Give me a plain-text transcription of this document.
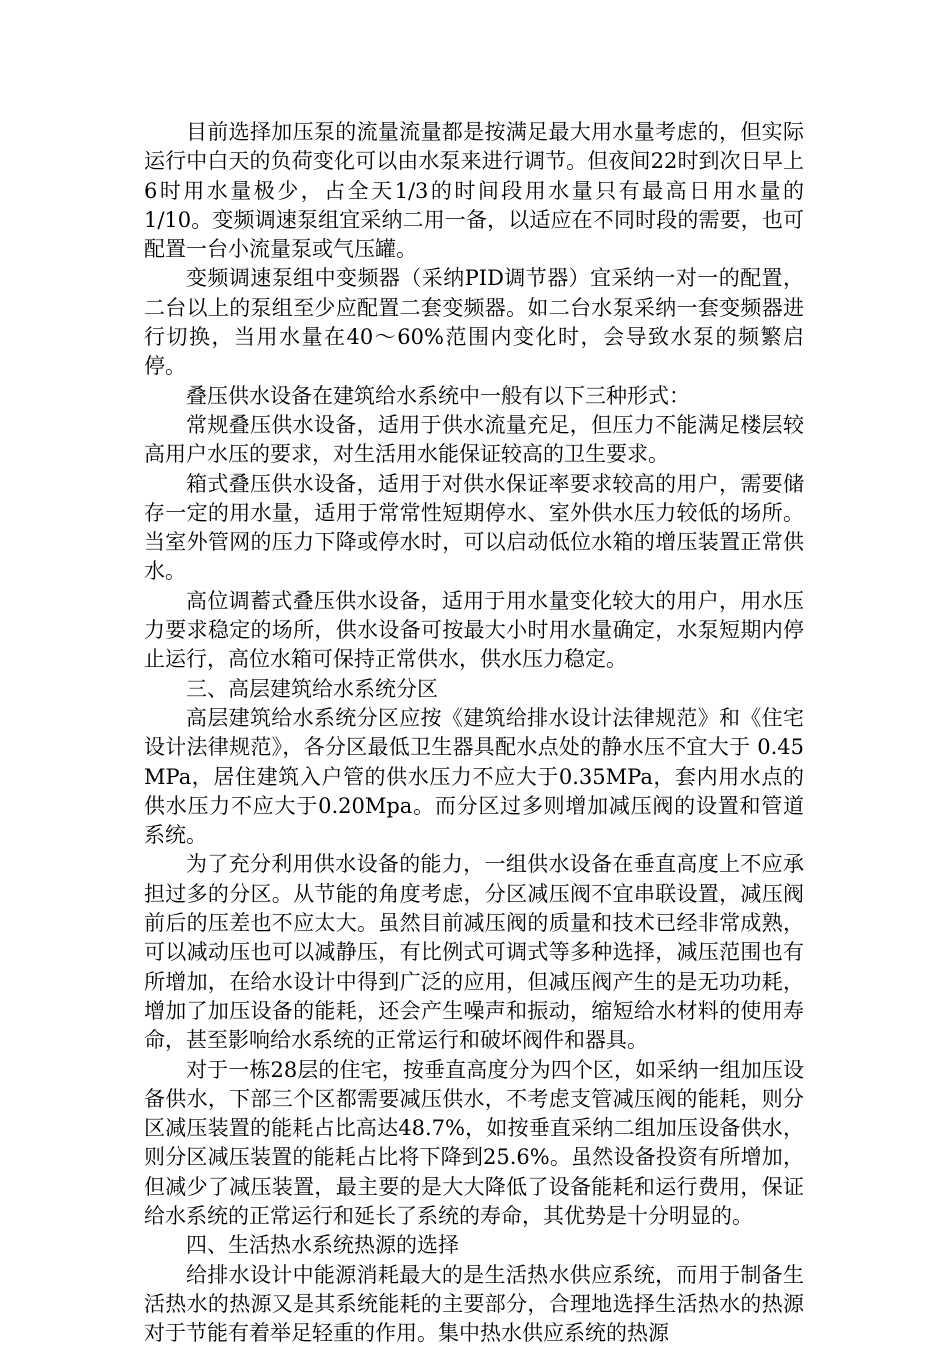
目前选择加压泵的流量流量都是按满足最大用水量考虑的，但实际运行中白天的负荷变化可以由水泵来进行调节。但夜间22时到次日早上6时用水量极少，占全天1/3的时间段用水量只有最高日用水量的1/10。变频调速泵组宜采纳二用一备，以适应在不同时段的需要，也可配置一台小流量泵或气压罐。

变频调速泵组中变频器（采纳PID调节器）宜采纳一对一的配置，二台以上的泵组至少应配置二套变频器。如二台水泵采纳一套变频器进行切换，当用水量在40～60%范围内变化时，会导致水泵的频繁启停。

叠压供水设备在建筑给水系统中一般有以下三种形式：

常规叠压供水设备，适用于供水流量充足，但压力不能满足楼层较高用户水压的要求，对生活用水能保证较高的卫生要求。

箱式叠压供水设备，适用于对供水保证率要求较高的用户，需要储存一定的用水量，适用于常常性短期停水、室外供水压力较低的场所。当室外管网的压力下降或停水时，可以启动低位水箱的增压装置正常供水。

高位调蓄式叠压供水设备，适用于用水量变化较大的用户，用水压力要求稳定的场所，供水设备可按最大小时用水量确定，水泵短期内停止运行，高位水箱可保持正常供水，供水压力稳定。

三、高层建筑给水系统分区

高层建筑给水系统分区应按《建筑给排水设计法律规范》和《住宅设计法律规范》，各分区最低卫生器具配水点处的静水压不宜大于 0.45 MPa，居住建筑入户管的供水压力不应大于0.35MPa，套内用水点的供水压力不应大于0.20Mpa。而分区过多则增加减压阀的设置和管道系统。

为了充分利用供水设备的能力，一组供水设备在垂直高度上不应承担过多的分区。从节能的角度考虑，分区减压阀不宜串联设置，减压阀前后的压差也不应太大。虽然目前减压阀的质量和技术已经非常成熟，可以减动压也可以减静压，有比例式可调式等多种选择，减压范围也有所增加，在给水设计中得到广泛的应用，但减压阀产生的是无功功耗，增加了加压设备的能耗，还会产生噪声和振动，缩短给水材料的使用寿命，甚至影响给水系统的正常运行和破坏阀件和器具。

对于一栋28层的住宅，按垂直高度分为四个区，如采纳一组加压设备供水，下部三个区都需要减压供水，不考虑支管减压阀的能耗，则分区减压装置的能耗占比高达48.7%，如按垂直采纳二组加压设备供水，则分区减压装置的能耗占比将下降到25.6%。虽然设备投资有所增加，但减少了减压装置，最主要的是大大降低了设备能耗和运行费用，保证给水系统的正常运行和延长了系统的寿命，其优势是十分明显的。

四、生活热水系统热源的选择

给排水设计中能源消耗最大的是生活热水供应系统，而用于制备生活热水的热源又是其系统能耗的主要部分，合理地选择生活热水的热源对于节能有着举足轻重的作用。集中热水供应系统的热源
